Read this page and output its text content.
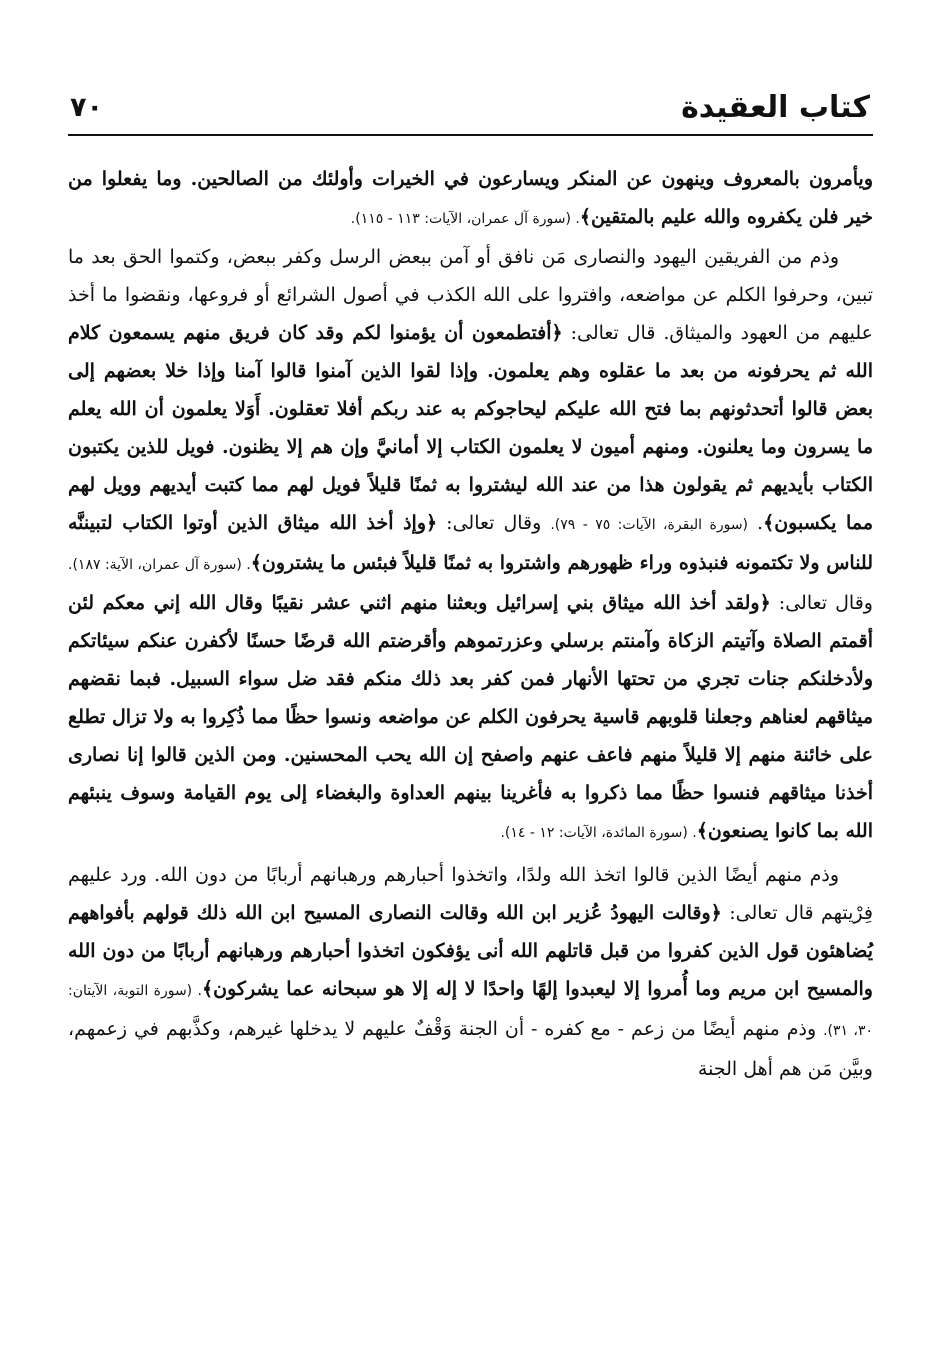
كتاب العقيدة
٧٠

ويأمرون بالمعروف وينهون عن المنكر ويسارعون في الخيرات وأولئك من الصالحين. وما يفعلوا من خير فلن يكفروه والله عليم بالمتقين﴾. (سورة آل عمران، الآيات: ١١٣ - ١١٥).

وذم من الفريقين اليهود والنصارى مَن نافق أو آمن ببعض الرسل وكفر ببعض، وكتموا الحق بعد ما تبين، وحرفوا الكلم عن مواضعه، وافتروا على الله الكذب في أصول الشرائع أو فروعها، ونقضوا ما أخذ عليهم من العهود والميثاق. قال تعالى: ﴿أفتطمعون أن يؤمنوا لكم وقد كان فريق منهم يسمعون كلام الله ثم يحرفونه من بعد ما عقلوه وهم يعلمون. وإذا لقوا الذين آمنوا قالوا آمنا وإذا خلا بعضهم إلى بعض قالوا أتحدثونهم بما فتح الله عليكم ليحاجوكم به عند ربكم أفلا تعقلون. أَوَلا يعلمون أن الله يعلم ما يسرون وما يعلنون. ومنهم أميون لا يعلمون الكتاب إلا أمانيَّ وإن هم إلا يظنون. فويل للذين يكتبون الكتاب بأيديهم ثم يقولون هذا من عند الله ليشتروا به ثمنًا قليلاً فويل لهم مما كتبت أيديهم وويل لهم مما يكسبون﴾. (سورة البقرة، الآيات: ٧٥ - ٧٩). وقال تعالى: ﴿وإذ أخذ الله ميثاق الذين أوتوا الكتاب لتبيننَّه للناس ولا تكتمونه فنبذوه وراء ظهورهم واشتروا به ثمنًا قليلاً فبئس ما يشترون﴾. (سورة آل عمران، الآية: ١٨٧). وقال تعالى: ﴿ولقد أخذ الله ميثاق بني إسرائيل وبعثنا منهم اثني عشر نقيبًا وقال الله إني معكم لئن أقمتم الصلاة وآتيتم الزكاة وآمنتم برسلي وعزرتموهم وأقرضتم الله قرضًا حسنًا لأكفرن عنكم سيئاتكم ولأدخلنكم جنات تجري من تحتها الأنهار فمن كفر بعد ذلك منكم فقد ضل سواء السبيل. فبما نقضهم ميثاقهم لعناهم وجعلنا قلوبهم قاسية يحرفون الكلم عن مواضعه ونسوا حظًا مما ذُكِروا به ولا تزال تطلع على خائنة منهم إلا قليلاً منهم فاعف عنهم واصفح إن الله يحب المحسنين. ومن الذين قالوا إنا نصارى أخذنا ميثاقهم فنسوا حظًا مما ذكروا به فأغرينا بينهم العداوة والبغضاء إلى يوم القيامة وسوف ينبئهم الله بما كانوا يصنعون﴾. (سورة المائدة، الآيات: ١٢ - ١٤).

وذم منهم أيضًا الذين قالوا اتخذ الله ولدًا، واتخذوا أحبارهم ورهبانهم أربابًا من دون الله. ورد عليهم فِرْيتهم قال تعالى: ﴿وقالت اليهودُ عُزير ابن الله وقالت النصارى المسيح ابن الله ذلك قولهم بأفواههم يُضاهئون قول الذين كفروا من قبل قاتلهم الله أنى يؤفكون اتخذوا أحبارهم ورهبانهم أربابًا من دون الله والمسيح ابن مريم وما أُمروا إلا ليعبدوا إلهًا واحدًا لا إله إلا هو سبحانه عما يشركون﴾. (سورة التوبة، الآيتان: ٣٠، ٣١). وذم منهم أيضًا من زعم - مع كفره - أن الجنة وَقْفٌ عليهم لا يدخلها غيرهم، وكذَّبهم في زعمهم، وبيَّن مَن هم أهل الجنة
